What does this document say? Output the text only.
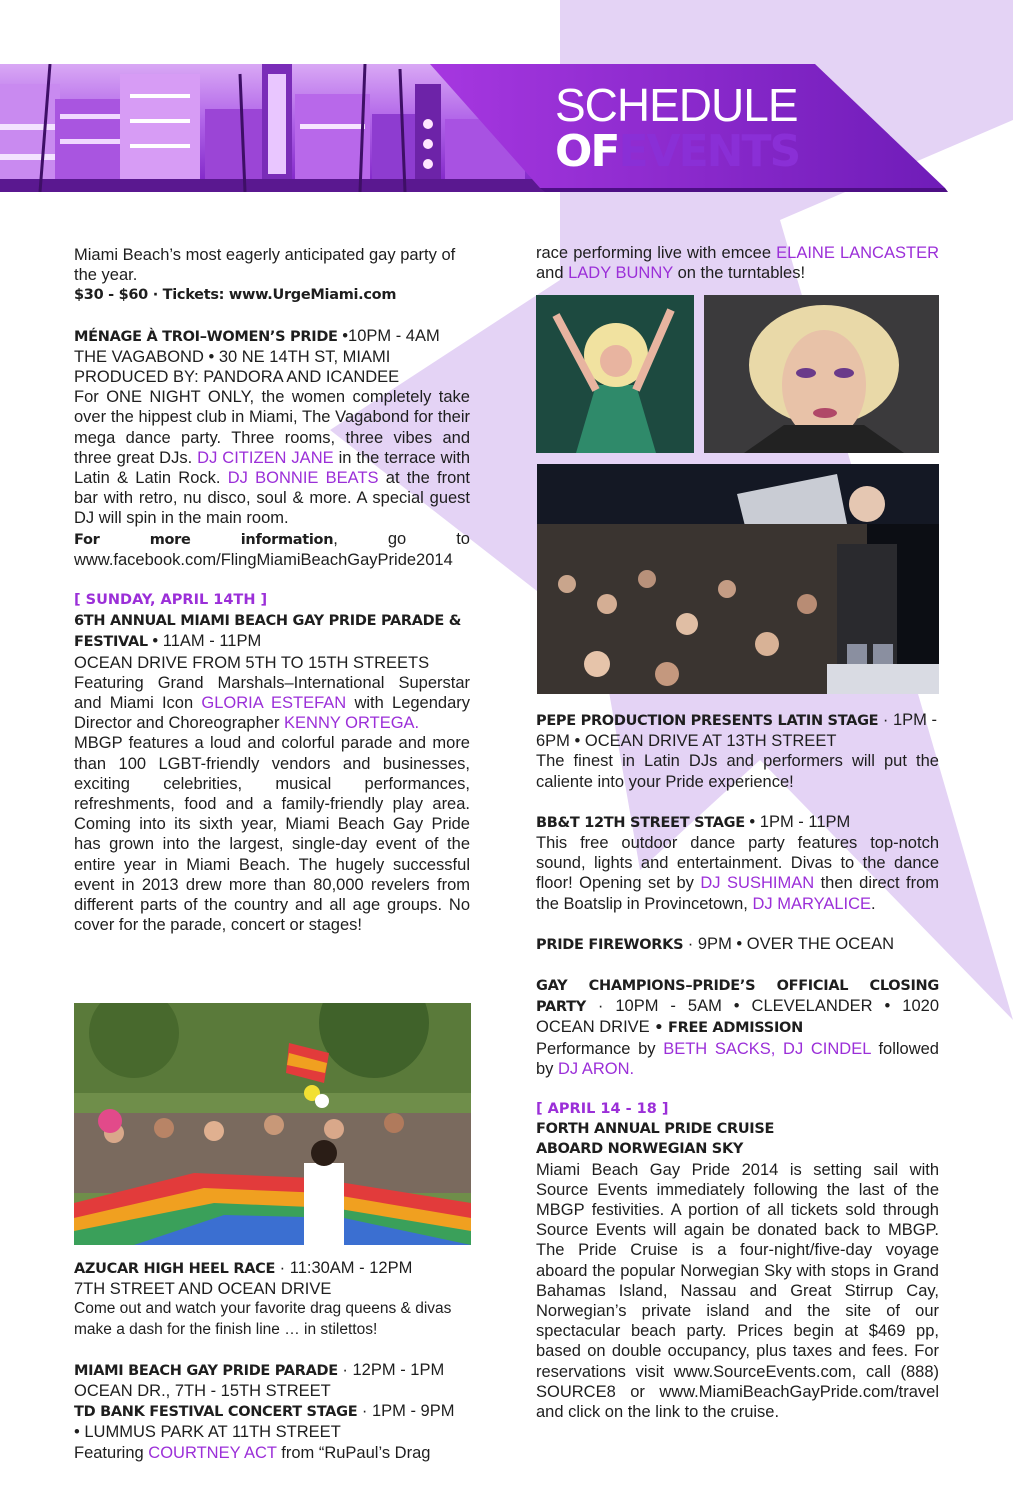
SCHEDULE
OFEVENTS

Miami Beach’s most eagerly anticipated gay party of the year.

$30 - $60 · Tickets: www.UrgeMiami.com

MÉNAGE À TROI–WOMEN’S PRIDE •10PM - 4AM

THE VAGABOND • 30 NE 14TH ST, MIAMI

PRODUCED BY: PANDORA AND ICANDEE

For ONE NIGHT ONLY, the women completely take over the hippest club in Miami, The Vagabond for their mega dance party. Three rooms, three vibes and three great DJs. DJ CITIZEN JANE in the terrace with Latin & Latin Rock. DJ BONNIE BEATS at the front bar with retro, nu disco, soul & more. A special guest DJ will spin in the main room.

For more information, go to www.facebook.com/FlingMiamiBeachGayPride2014

[ SUNDAY, APRIL 14TH ]

6TH ANNUAL MIAMI BEACH GAY PRIDE PARADE & FESTIVAL • 11AM - 11PM

OCEAN DRIVE FROM 5TH TO 15TH STREETS

Featuring Grand Marshals–International Superstar and Miami Icon GLORIA ESTEFAN with Legendary Director and Choreographer KENNY ORTEGA.

MBGP features a loud and colorful parade and more than 100 LGBT-friendly vendors and businesses, exciting celebrities, musical performances, refreshments, food and a family-friendly play area. Coming into its sixth year, Miami Beach Gay Pride has grown into the largest, single-day event of the entire year in Miami Beach. The hugely successful event in 2013 drew more than 80,000 revelers from different parts of the country and all age groups. No cover for the parade, concert or stages!

AZUCAR HIGH HEEL RACE · 11:30AM - 12PM

7TH STREET AND OCEAN DRIVE

Come out and watch your favorite drag queens & divas make a dash for the finish line … in stilettos!

MIAMI BEACH GAY PRIDE PARADE · 12PM - 1PM

OCEAN DR., 7TH - 15TH STREET

TD BANK FESTIVAL CONCERT STAGE · 1PM - 9PM

• LUMMUS PARK AT 11TH STREET

Featuring COURTNEY ACT from “RuPaul’s Drag

race performing live with emcee ELAINE LANCASTER and LADY BUNNY on the turntables!

PEPE PRODUCTION PRESENTS LATIN STAGE · 1PM - 6PM • OCEAN DRIVE AT 13TH STREET

The finest in Latin DJs and performers will put the caliente into your Pride experience!

BB&T 12TH STREET STAGE • 1PM - 11PM

This free outdoor dance party features top-notch sound, lights and entertainment. Divas to the dance floor! Opening set by DJ SUSHIMAN then direct from the Boatslip in Provincetown, DJ MARYALICE.

PRIDE FIREWORKS · 9PM • OVER THE OCEAN

GAY CHAMPIONS–PRIDE’S OFFICIAL CLOSING PARTY · 10PM - 5AM • CLEVELANDER • 1020 OCEAN DRIVE • FREE ADMISSION

Performance by BETH SACKS, DJ CINDEL followed by DJ ARON.

[ APRIL 14 - 18 ]

FORTH ANNUAL PRIDE CRUISE

ABOARD NORWEGIAN SKY

Miami Beach Gay Pride 2014 is setting sail with Source Events immediately following the last of the MBGP festivities. A portion of all tickets sold through Source Events will again be donated back to MBGP. The Pride Cruise is a four-night/five-day voyage aboard the popular Norwegian Sky with stops in Grand Bahamas Island, Nassau and Great Stirrup Cay, Norwegian’s private island and the site of our spectacular beach party. Prices begin at $469 pp, based on double occupancy, plus taxes and fees. For reservations visit www.SourceEvents.com, call (888) SOURCE8 or www.MiamiBeachGayPride.com/travel and click on the link to the cruise.
